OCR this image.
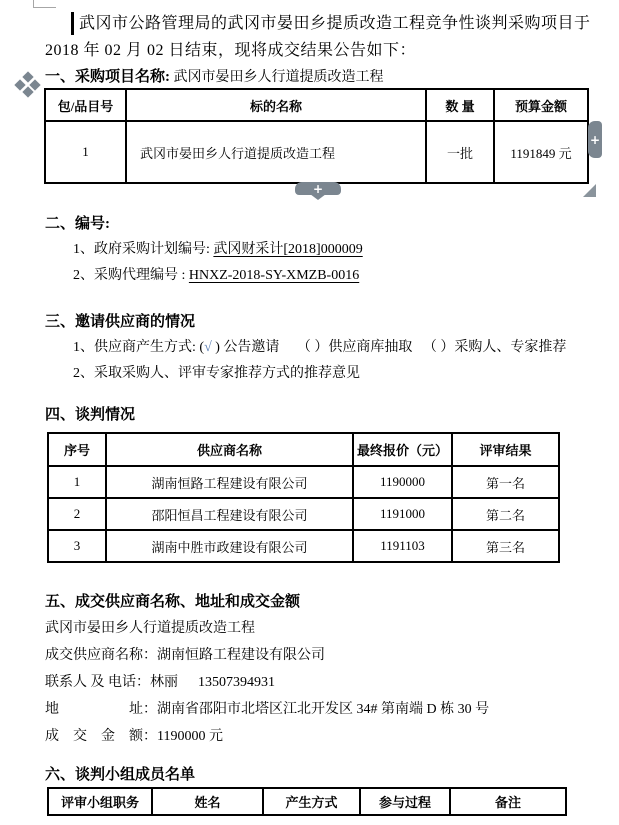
武冈市公路管理局的武冈市晏田乡提质改造工程竞争性谈判采购项目于
2018 年 02 月 02 日结束，现将成交结果公告如下：
一、采购项目名称: 武冈市晏田乡人行道提质改造工程
包/品目号	标的名称	数 量	预算金额
1	武冈市晏田乡人行道提质改造工程	一批	1191849 元
+
+
二、编号:
1、政府采购计划编号: 武冈财采计[2018]000009
2、采购代理编号 : HNXZ-2018-SY-XMZB-0016
三、邀请供应商的情况
1、供应商产生方式: (√ ) 公告邀请　 （ ）供应商库抽取 　（ ）采购人、专家推荐
2、采取采购人、评审专家推荐方式的推荐意见
四、谈判情况
序号	供应商名称	最终报价（元）	评审结果
1	湖南恒路工程建设有限公司	1190000	第一名
2	邵阳恒昌工程建设有限公司	1191000	第二名
3	湖南中胜市政建设有限公司	1191103	第三名
五、成交供应商名称、地址和成交金额
武冈市晏田乡人行道提质改造工程
成交供应商名称：湖南恒路工程建设有限公司
联系人 及 电话：林丽 13507394931
地　　　　　址：湖南省邵阳市北塔区江北开发区 34# 第南端 D 栋 30 号
成　交　金　额：1190000 元
六、谈判小组成员名单
评审小组职务	姓名	产生方式	参与过程	备注
